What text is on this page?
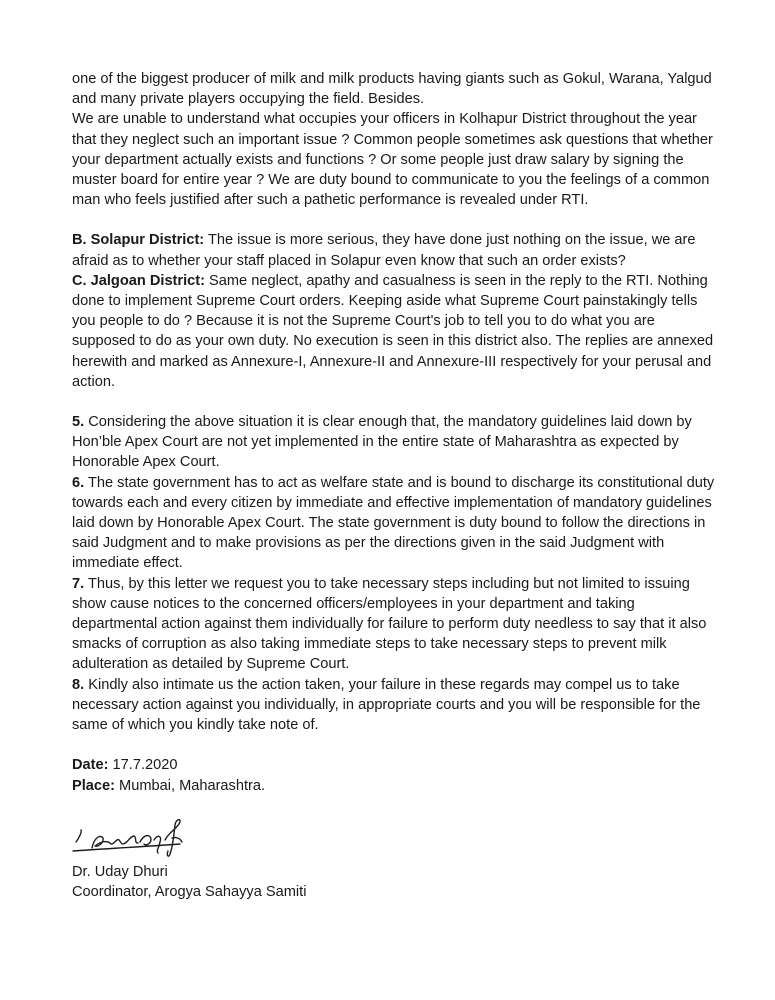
one of the biggest producer of milk and milk products having giants such as Gokul, Warana, Yalgud and many private players occupying the field. Besides.

We are unable to understand what occupies your officers in Kolhapur District throughout the year that they neglect such an important issue ? Common people sometimes ask questions that whether your department actually exists and functions ? Or some people just draw salary by signing the muster board for entire year ? We are duty bound to communicate to you the feelings of a common man who feels justified after such a pathetic performance is revealed under RTI.

B. Solapur District: The issue is more serious, they have done just nothing on the issue, we are afraid as to whether your staff placed in Solapur even know that such an order exists?

C. Jalgoan District: Same neglect, apathy and casualness is seen in the reply to the RTI. Nothing done to implement Supreme Court orders. Keeping aside what Supreme Court painstakingly tells you people to do ? Because it is not the Supreme Court's job to tell you to do what you are supposed to do as your own duty. No execution is seen in this district also. The replies are annexed herewith and marked as Annexure-I, Annexure-II and Annexure-III respectively for your perusal and action.

5. Considering the above situation it is clear enough that, the mandatory guidelines laid down by Hon’ble Apex Court are not yet implemented in the entire state of Maharashtra as expected by Honorable Apex Court.

6. The state government has to act as welfare state and is bound to discharge its constitutional duty towards each and every citizen by immediate and effective implementation of mandatory guidelines laid down by Honorable Apex Court. The state government is duty bound to follow the directions in said Judgment and to make provisions as per the directions given in the said Judgment with immediate effect.

7. Thus, by this letter we request you to take necessary steps including but not limited to issuing show cause notices to the concerned officers/employees in your department and taking departmental action against them individually for failure to perform duty needless to say that it also smacks of corruption as also taking immediate steps to take necessary steps to prevent milk adulteration as detailed by Supreme Court.

8. Kindly also intimate us the action taken, your failure in these regards may compel us to take necessary action against you individually, in appropriate courts and you will be responsible for the same of which you kindly take note of.

Date: 17.7.2020

Place: Mumbai, Maharashtra.

Dr. Uday Dhuri

Coordinator, Arogya Sahayya Samiti
